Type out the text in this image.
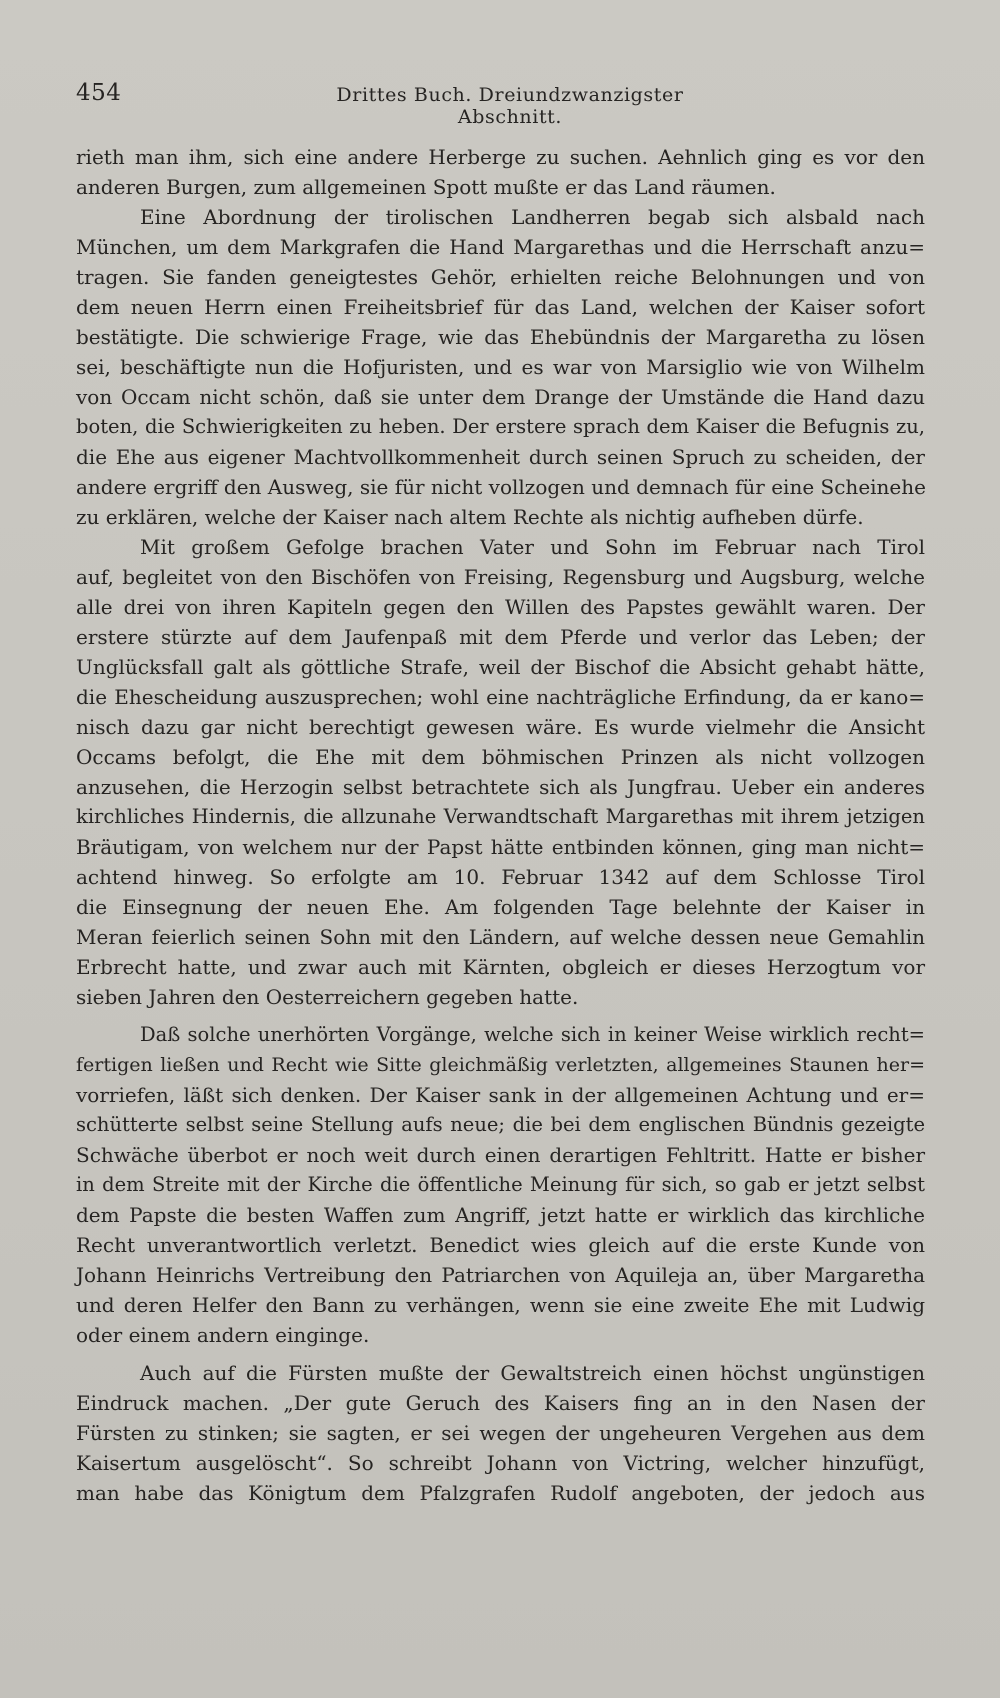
454	Drittes Buch. Dreiundzwanzigster Abschnitt.
rieth man ihm, sich eine andere Herberge zu suchen. Aehnlich ging es vor den
anderen Burgen, zum allgemeinen Spott mußte er das Land räumen.
Eine Abordnung der tirolischen Landherren begab sich alsbald nach
München, um dem Markgrafen die Hand Margarethas und die Herrschaft anzu=
tragen. Sie fanden geneigtestes Gehör, erhielten reiche Belohnungen und von
dem neuen Herrn einen Freiheitsbrief für das Land, welchen der Kaiser sofort
bestätigte. Die schwierige Frage, wie das Ehebündnis der Margaretha zu lösen
sei, beschäftigte nun die Hofjuristen, und es war von Marsiglio wie von Wilhelm
von Occam nicht schön, daß sie unter dem Drange der Umstände die Hand dazu
boten, die Schwierigkeiten zu heben. Der erstere sprach dem Kaiser die Befugnis zu,
die Ehe aus eigener Machtvollkommenheit durch seinen Spruch zu scheiden, der
andere ergriff den Ausweg, sie für nicht vollzogen und demnach für eine Scheinehe
zu erklären, welche der Kaiser nach altem Rechte als nichtig aufheben dürfe.
Mit großem Gefolge brachen Vater und Sohn im Februar nach Tirol
auf, begleitet von den Bischöfen von Freising, Regensburg und Augsburg, welche
alle drei von ihren Kapiteln gegen den Willen des Papstes gewählt waren. Der
erstere stürzte auf dem Jaufenpaß mit dem Pferde und verlor das Leben; der
Unglücksfall galt als göttliche Strafe, weil der Bischof die Absicht gehabt hätte,
die Ehescheidung auszusprechen; wohl eine nachträgliche Erfindung, da er kano=
nisch dazu gar nicht berechtigt gewesen wäre. Es wurde vielmehr die Ansicht
Occams befolgt, die Ehe mit dem böhmischen Prinzen als nicht vollzogen
anzusehen, die Herzogin selbst betrachtete sich als Jungfrau. Ueber ein anderes
kirchliches Hindernis, die allzunahe Verwandtschaft Margarethas mit ihrem jetzigen
Bräutigam, von welchem nur der Papst hätte entbinden können, ging man nicht=
achtend hinweg. So erfolgte am 10. Februar 1342 auf dem Schlosse Tirol
die Einsegnung der neuen Ehe. Am folgenden Tage belehnte der Kaiser in
Meran feierlich seinen Sohn mit den Ländern, auf welche dessen neue Gemahlin
Erbrecht hatte, und zwar auch mit Kärnten, obgleich er dieses Herzogtum vor
sieben Jahren den Oesterreichern gegeben hatte.
Daß solche unerhörten Vorgänge, welche sich in keiner Weise wirklich recht=
fertigen ließen und Recht wie Sitte gleichmäßig verletzten, allgemeines Staunen her=
vorriefen, läßt sich denken. Der Kaiser sank in der allgemeinen Achtung und er=
schütterte selbst seine Stellung aufs neue; die bei dem englischen Bündnis gezeigte
Schwäche überbot er noch weit durch einen derartigen Fehltritt. Hatte er bisher
in dem Streite mit der Kirche die öffentliche Meinung für sich, so gab er jetzt selbst
dem Papste die besten Waffen zum Angriff, jetzt hatte er wirklich das kirchliche
Recht unverantwortlich verletzt. Benedict wies gleich auf die erste Kunde von
Johann Heinrichs Vertreibung den Patriarchen von Aquileja an, über Margaretha
und deren Helfer den Bann zu verhängen, wenn sie eine zweite Ehe mit Ludwig
oder einem andern einginge.
Auch auf die Fürsten mußte der Gewaltstreich einen höchst ungünstigen
Eindruck machen. „Der gute Geruch des Kaisers fing an in den Nasen der
Fürsten zu stinken; sie sagten, er sei wegen der ungeheuren Vergehen aus dem
Kaisertum ausgelöscht“. So schreibt Johann von Victring, welcher hinzufügt,
man habe das Königtum dem Pfalzgrafen Rudolf angeboten, der jedoch aus
